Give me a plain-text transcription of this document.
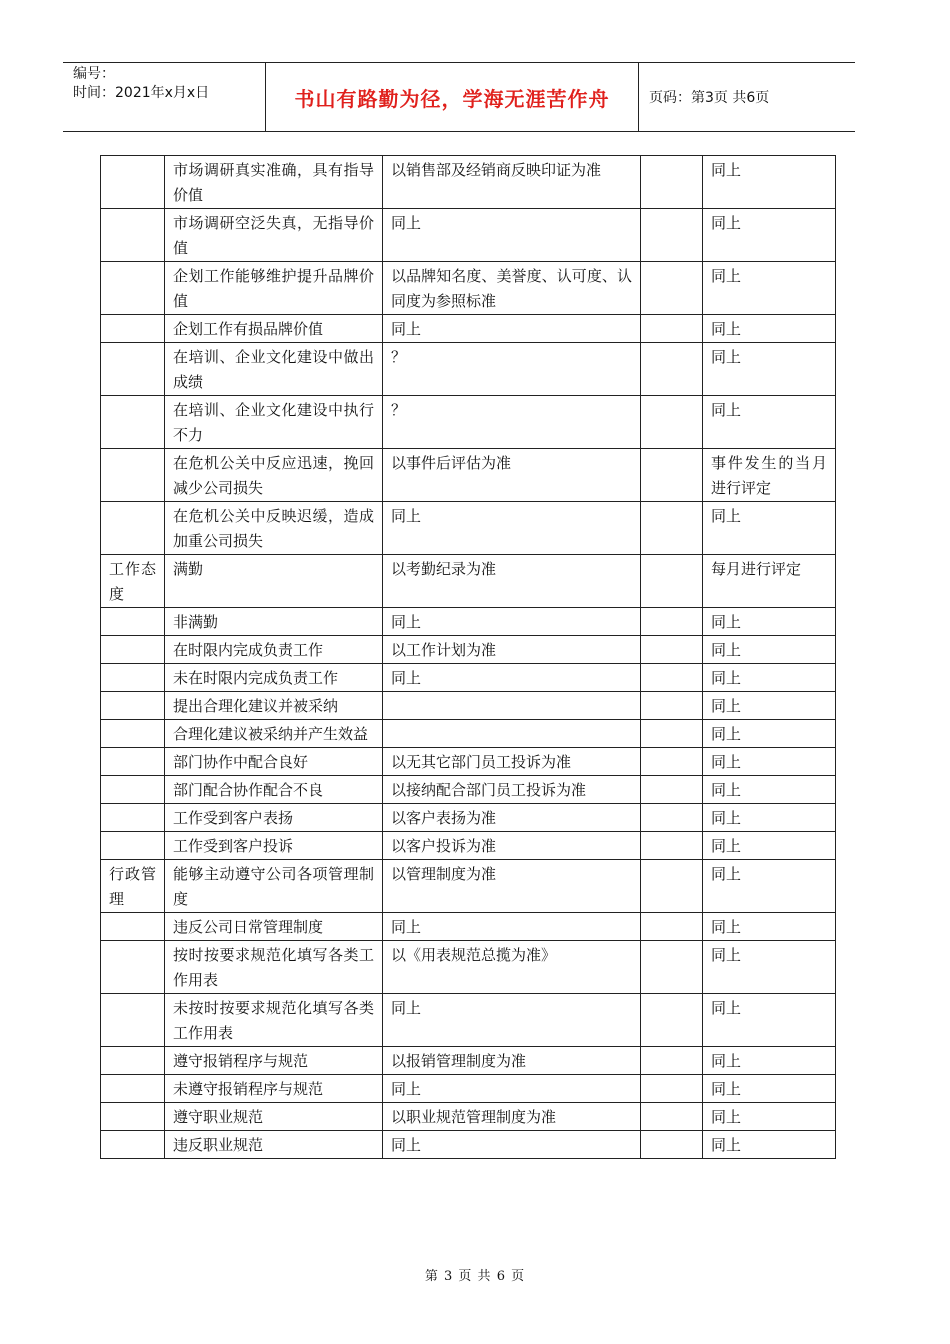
编号：
时间：2021年x月x日	书山有路勤为径，学海无涯苦作舟	页码：第3页 共6页
	市场调研真实准确，具有指导价值	以销售部及经销商反映印证为准		同上
	市场调研空泛失真，无指导价值	同上		同上
	企划工作能够维护提升品牌价值	以品牌知名度、美誉度、认可度、认同度为参照标准		同上
	企划工作有损品牌价值	同上		同上
	在培训、企业文化建设中做出成绩	？		同上
	在培训、企业文化建设中执行不力	？		同上
	在危机公关中反应迅速，挽回减少公司损失	以事件后评估为准		事件发生的当月进行评定
	在危机公关中反映迟缓，造成加重公司损失	同上		同上
工作态度	满勤	以考勤纪录为准		每月进行评定
	非满勤	同上		同上
	在时限内完成负责工作	以工作计划为准		同上
	未在时限内完成负责工作	同上		同上
	提出合理化建议并被采纳			同上
	合理化建议被采纳并产生效益			同上
	部门协作中配合良好	以无其它部门员工投诉为准		同上
	部门配合协作配合不良	以接纳配合部门员工投诉为准		同上
	工作受到客户表扬	以客户表扬为准		同上
	工作受到客户投诉	以客户投诉为准		同上
行政管理	能够主动遵守公司各项管理制度	以管理制度为准		同上
	违反公司日常管理制度	同上		同上
	按时按要求规范化填写各类工作用表	以《用表规范总揽为准》		同上
	未按时按要求规范化填写各类工作用表	同上		同上
	遵守报销程序与规范	以报销管理制度为准		同上
	未遵守报销程序与规范	同上		同上
	遵守职业规范	以职业规范管理制度为准		同上
	违反职业规范	同上		同上
第 3 页 共 6 页
